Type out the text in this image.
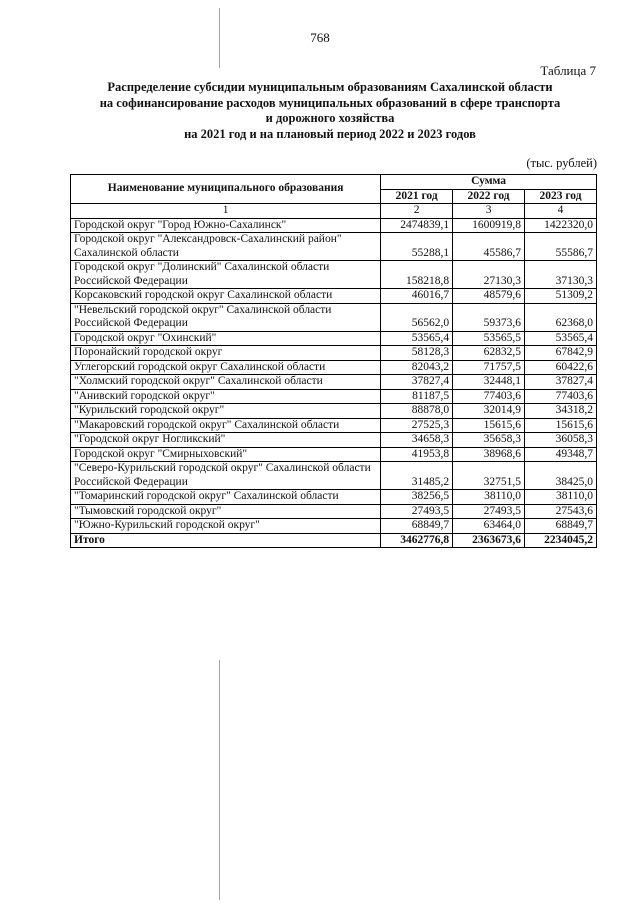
768
Таблица 7
Распределение субсидии муниципальным образованиям Сахалинской области
на софинансирование расходов муниципальных образований в сфере транспорта
и дорожного хозяйства
на 2021 год и на плановый период 2022 и 2023 годов
(тыс. рублей)
Наименование муниципального образования	Сумма		
	2021 год	2022 год	2023 год
1	2	3	4
Городской округ "Город Южно-Сахалинск"	2474839,1	1600919,8	1422320,0
Городской округ "Александровск-Сахалинский район" Сахалинской области	55288,1	45586,7	55586,7
Городской округ "Долинский" Сахалинской области Российской Федерации	158218,8	27130,3	37130,3
Корсаковский городской округ Сахалинской области	46016,7	48579,6	51309,2
"Невельский городской округ" Сахалинской области Российской Федерации	56562,0	59373,6	62368,0
Городской округ "Охинский"	53565,4	53565,5	53565,4
Поронайский городской округ	58128,3	62832,5	67842,9
Углегорский городской округ Сахалинской области	82043,2	71757,5	60422,6
"Холмский городской округ" Сахалинской области	37827,4	32448,1	37827,4
"Анивский городской округ"	81187,5	77403,6	77403,6
"Курильский городской округ"	88878,0	32014,9	34318,2
"Макаровский городской округ" Сахалинской области	27525,3	15615,6	15615,6
"Городской округ Ногликский"	34658,3	35658,3	36058,3
Городской округ "Смирныховский"	41953,8	38968,6	49348,7
"Северо-Курильский городской округ" Сахалинской области Российской Федерации	31485,2	32751,5	38425,0
"Томаринский городской округ" Сахалинской области	38256,5	38110,0	38110,0
"Тымовский городской округ"	27493,5	27493,5	27543,6
"Южно-Курильский городской округ"	68849,7	63464,0	68849,7
Итого	3462776,8	2363673,6	2234045,2
